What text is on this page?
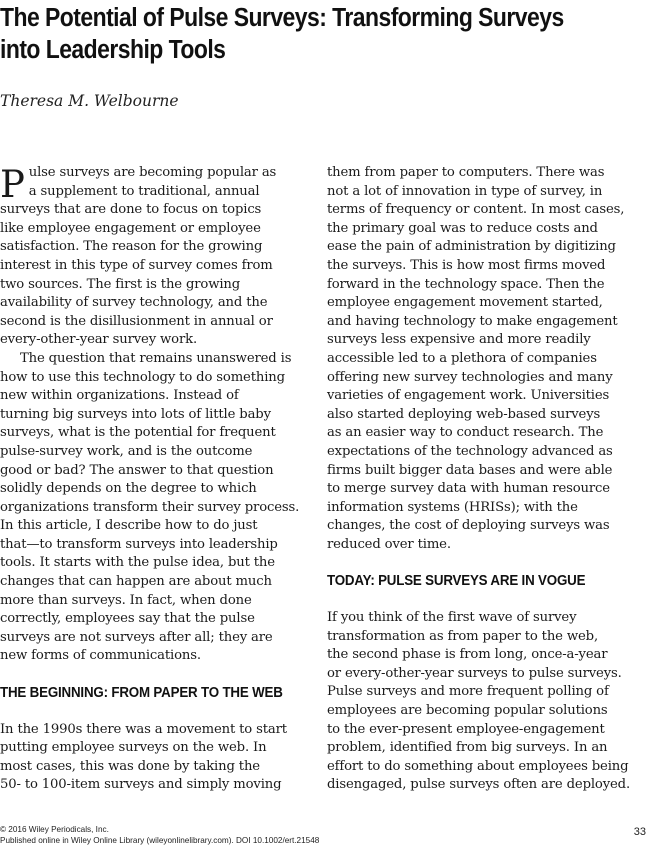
The Potential of Pulse Surveys: Transforming Surveys
into Leadership Tools
Theresa M. Welbourne

P ulse surveys are becoming popular as
a supplement to traditional, annual
surveys that are done to focus on topics
like employee engagement or employee
satisfaction. The reason for the growing
interest in this type of survey comes from
two sources. The first is the growing
availability of survey technology, and the
second is the disillusionment in annual or
every-other-year survey work.

The question that remains unanswered is
how to use this technology to do something
new within organizations. Instead of
turning big surveys into lots of little baby
surveys, what is the potential for frequent
pulse-survey work, and is the outcome
good or bad? The answer to that question
solidly depends on the degree to which
organizations transform their survey process.
In this article, I describe how to do just
that—to transform surveys into leadership
tools. It starts with the pulse idea, but the
changes that can happen are about much
more than surveys. In fact, when done
correctly, employees say that the pulse
surveys are not surveys after all; they are
new forms of communications.

THE BEGINNING: FROM PAPER TO THE WEB

In the 1990s there was a movement to start
putting employee surveys on the web. In
most cases, this was done by taking the
50- to 100-item surveys and simply moving

them from paper to computers. There was
not a lot of innovation in type of survey, in
terms of frequency or content. In most cases,
the primary goal was to reduce costs and
ease the pain of administration by digitizing
the surveys. This is how most firms moved
forward in the technology space. Then the
employee engagement movement started,
and having technology to make engagement
surveys less expensive and more readily
accessible led to a plethora of companies
offering new survey technologies and many
varieties of engagement work. Universities
also started deploying web-based surveys
as an easier way to conduct research. The
expectations of the technology advanced as
firms built bigger data bases and were able
to merge survey data with human resource
information systems (HRISs); with the
changes, the cost of deploying surveys was
reduced over time.

TODAY: PULSE SURVEYS ARE IN VOGUE

If you think of the first wave of survey
transformation as from paper to the web,
the second phase is from long, once-a-year
or every-other-year surveys to pulse surveys.
Pulse surveys and more frequent polling of
employees are becoming popular solutions
to the ever-present employee-engagement
problem, identified from big surveys. In an
effort to do something about employees being
disengaged, pulse surveys often are deployed.

© 2016 Wiley Periodicals, Inc.
Published online in Wiley Online Library (wileyonlinelibrary.com). DOI 10.1002/ert.21548
33
